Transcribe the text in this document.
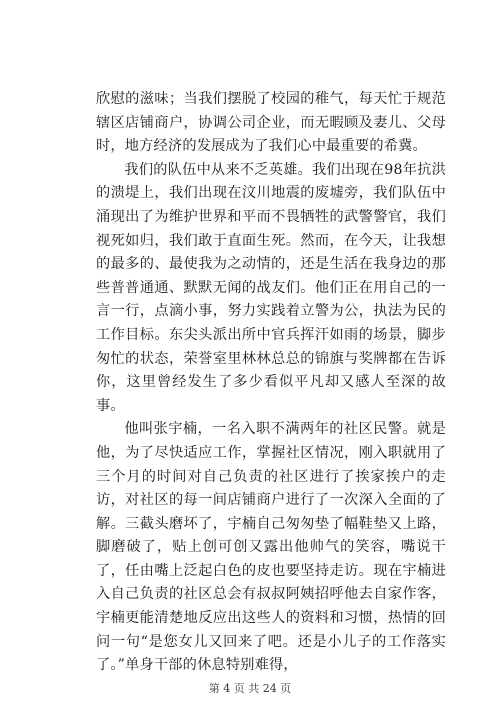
欣慰的滋味；当我们摆脱了校园的稚气，每天忙于规范辖区店铺商户，协调公司企业，而无暇顾及妻儿、父母时，地方经济的发展成为了我们心中最重要的希冀。

我们的队伍中从来不乏英雄。我们出现在98年抗洪的溃堤上，我们出现在汶川地震的废墟旁，我们队伍中涌现出了为维护世界和平而不畏牺牲的武警警官，我们视死如归，我们敢于直面生死。然而，在今天，让我想的最多的、最使我为之动情的，还是生活在我身边的那些普普通通、默默无闻的战友们。他们正在用自己的一言一行，点滴小事，努力实践着立警为公，执法为民的工作目标。东尖头派出所中官兵挥汗如雨的场景，脚步匆忙的状态，荣誉室里林林总总的锦旗与奖牌都在告诉你，这里曾经发生了多少看似平凡却又感人至深的故事。

他叫张宇楠，一名入职不满两年的社区民警。就是他，为了尽快适应工作，掌握社区情况，刚入职就用了三个月的时间对自己负责的社区进行了挨家挨户的走访，对社区的每一间店铺商户进行了一次深入全面的了解。三截头磨坏了，宇楠自己匆匆垫了幅鞋垫又上路，脚磨破了，贴上创可创又露出他帅气的笑容，嘴说干了，任由嘴上泛起白色的皮也要坚持走访。现在宇楠进入自己负责的社区总会有叔叔阿姨招呼他去自家作客，宇楠更能清楚地反应出这些人的资料和习惯，热情的回问一句“是您女儿又回来了吧。还是小儿子的工作落实了。”单身干部的休息特别难得，

第 4 页 共 24 页
